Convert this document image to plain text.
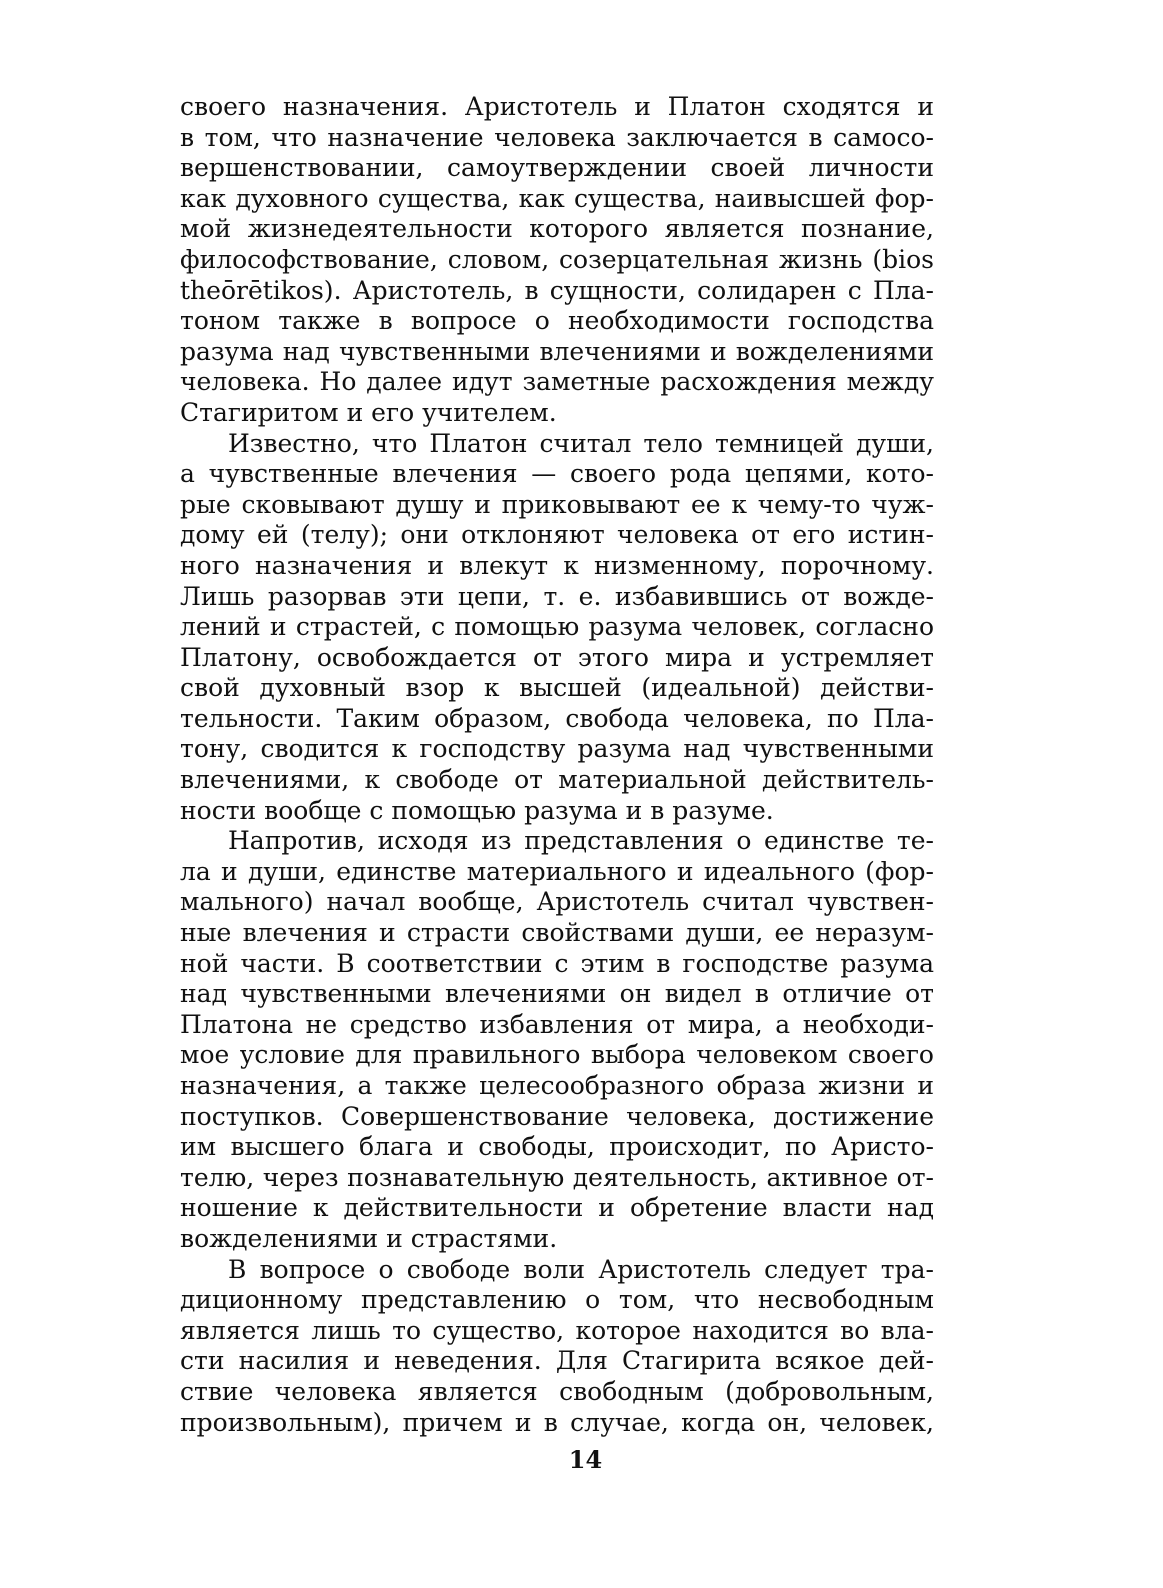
своего назначения. Аристотель и Платон сходятся и
в том, что назначение человека заключается в самосо-
вершенствовании, самоутверждении своей личности
как духовного существа, как существа, наивысшей фор-
мой жизнедеятельности которого является познание,
философствование, словом, созерцательная жизнь (bios
theōrētikos). Аристотель, в сущности, солидарен с Пла-
тоном также в вопросе о необходимости господства
разума над чувственными влечениями и вожделениями
человека. Но далее идут заметные расхождения между
Стагиритом и его учителем.
Известно, что Платон считал тело темницей души,
а чувственные влечения — своего рода цепями, кото-
рые сковывают душу и приковывают ее к чему-то чуж-
дому ей (телу); они отклоняют человека от его истин-
ного назначения и влекут к низменному, порочному.
Лишь разорвав эти цепи, т. е. избавившись от вожде-
лений и страстей, с помощью разума человек, согласно
Платону, освобождается от этого мира и устремляет
свой духовный взор к высшей (идеальной) действи-
тельности. Таким образом, свобода человека, по Пла-
тону, сводится к господству разума над чувственными
влечениями, к свободе от материальной действитель-
ности вообще с помощью разума и в разуме.
Напротив, исходя из представления о единстве те-
ла и души, единстве материального и идеального (фор-
мального) начал вообще, Аристотель считал чувствен-
ные влечения и страсти свойствами души, ее неразум-
ной части. В соответствии с этим в господстве разума
над чувственными влечениями он видел в отличие от
Платона не средство избавления от мира, а необходи-
мое условие для правильного выбора человеком своего
назначения, а также целесообразного образа жизни и
поступков. Совершенствование человека, достижение
им высшего блага и свободы, происходит, по Аристо-
телю, через познавательную деятельность, активное от-
ношение к действительности и обретение власти над
вожделениями и страстями.
В вопросе о свободе воли Аристотель следует тра-
диционному представлению о том, что несвободным
является лишь то существо, которое находится во вла-
сти насилия и неведения. Для Стагирита всякое дей-
ствие человека является свободным (добровольным,
произвольным), причем и в случае, когда он, человек,
14
